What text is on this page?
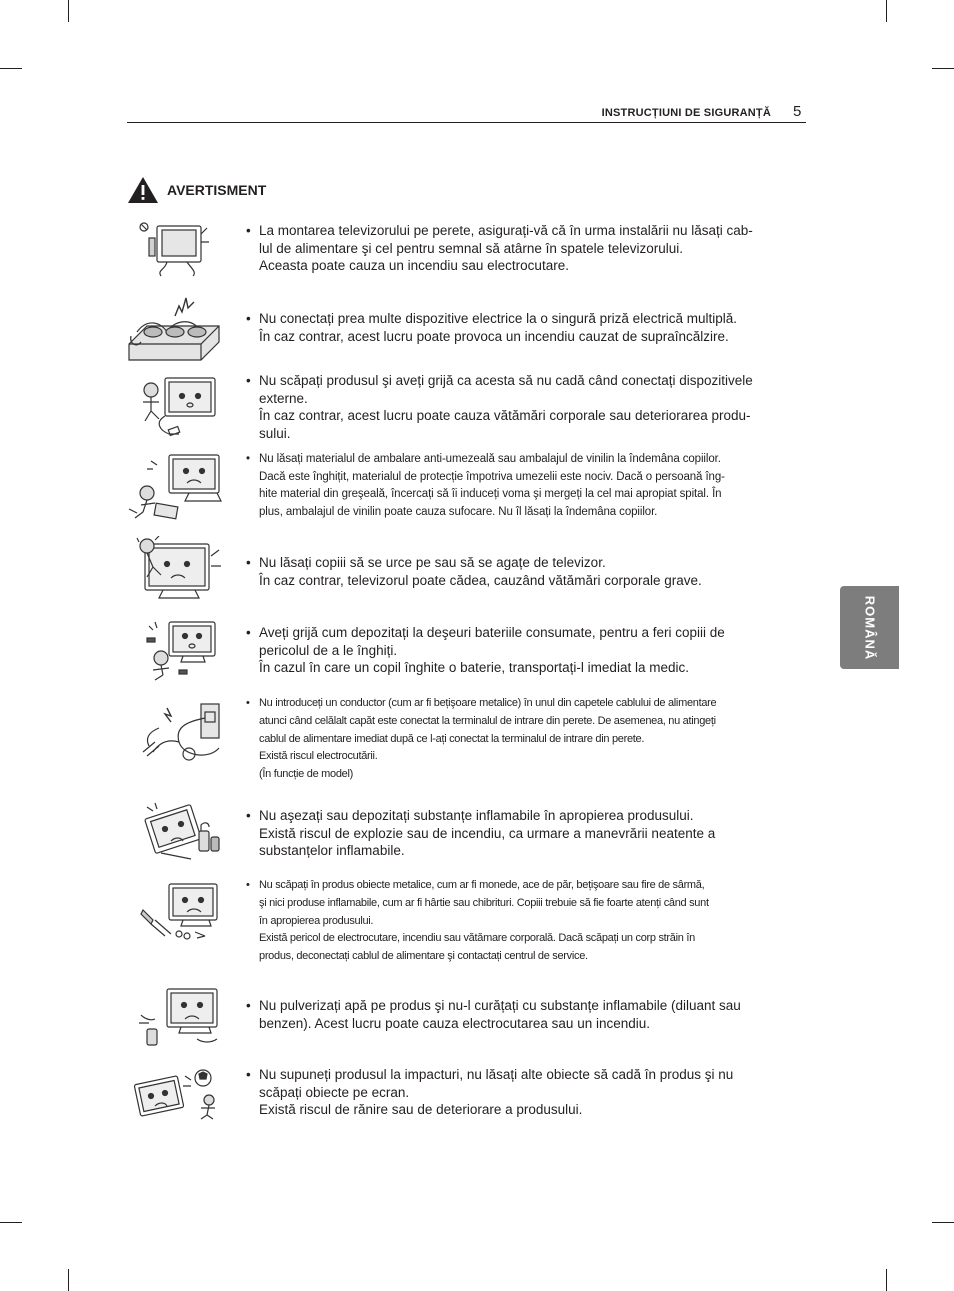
INSTRUCȚIUNI DE SIGURANȚĂ 5
AVERTISMENT
ROMÂNĂ
• La montarea televizorului pe perete, asigurați-vă că în urma instalării nu lăsați cab-
lul de alimentare şi cel pentru semnal să atârne în spatele televizorului.
Aceasta poate cauza un incendiu sau electrocutare.
• Nu conectați prea multe dispozitive electrice la o singură priză electrică multiplă.
În caz contrar, acest lucru poate provoca un incendiu cauzat de supraîncălzire.
• Nu scăpați produsul şi aveți grijă ca acesta să nu cadă când conectați dispozitivele
externe.
În caz contrar, acest lucru poate cauza vătămări corporale sau deteriorarea produ-
sului.
• Nu lăsați materialul de ambalare anti-umezeală sau ambalajul de vinilin la îndemâna copiilor.
Dacă este înghițit, materialul de protecție împotriva umezelii este nociv. Dacă o persoană îng-
hite material din greşeală, încercați să îi induceți voma şi mergeți la cel mai apropiat spital. În
plus, ambalajul de vinilin poate cauza sufocare. Nu îl lăsați la îndemâna copiilor.
• Nu lăsați copiii să se urce pe sau să se agațe de televizor.
În caz contrar, televizorul poate cădea, cauzând vătămări corporale grave.
• Aveți grijă cum depozitați la deşeuri bateriile consumate, pentru a feri copiii de
pericolul de a le înghiți.
În cazul în care un copil înghite o baterie, transportați-l imediat la medic.
• Nu introduceți un conductor (cum ar fi bețişoare metalice) în unul din capetele cablului de alimentare
atunci când celălalt capăt este conectat la terminalul de intrare din perete. De asemenea, nu atingeți
cablul de alimentare imediat după ce l-ați conectat la terminalul de intrare din perete.
Există riscul electrocutării.
(În funcție de model)
• Nu aşezați sau depozitați substanțe inflamabile în apropierea produsului.
Există riscul de explozie sau de incendiu, ca urmare a manevrării neatente a
substanțelor inflamabile.
• Nu scăpați în produs obiecte metalice, cum ar fi monede, ace de păr, bețişoare sau fire de sârmă,
şi nici produse inflamabile, cum ar fi hârtie sau chibrituri. Copiii trebuie să fie foarte atenți când sunt
în apropierea produsului.
Există pericol de electrocutare, incendiu sau vătămare corporală. Dacă scăpați un corp străin în
produs, deconectați cablul de alimentare şi contactați centrul de service.
• Nu pulverizați apă pe produs şi nu-l curățați cu substanțe inflamabile (diluant sau
benzen). Acest lucru poate cauza electrocutarea sau un incendiu.
• Nu supuneți produsul la impacturi, nu lăsați alte obiecte să cadă în produs şi nu
scăpați obiecte pe ecran.
Există riscul de rănire sau de deteriorare a produsului.
